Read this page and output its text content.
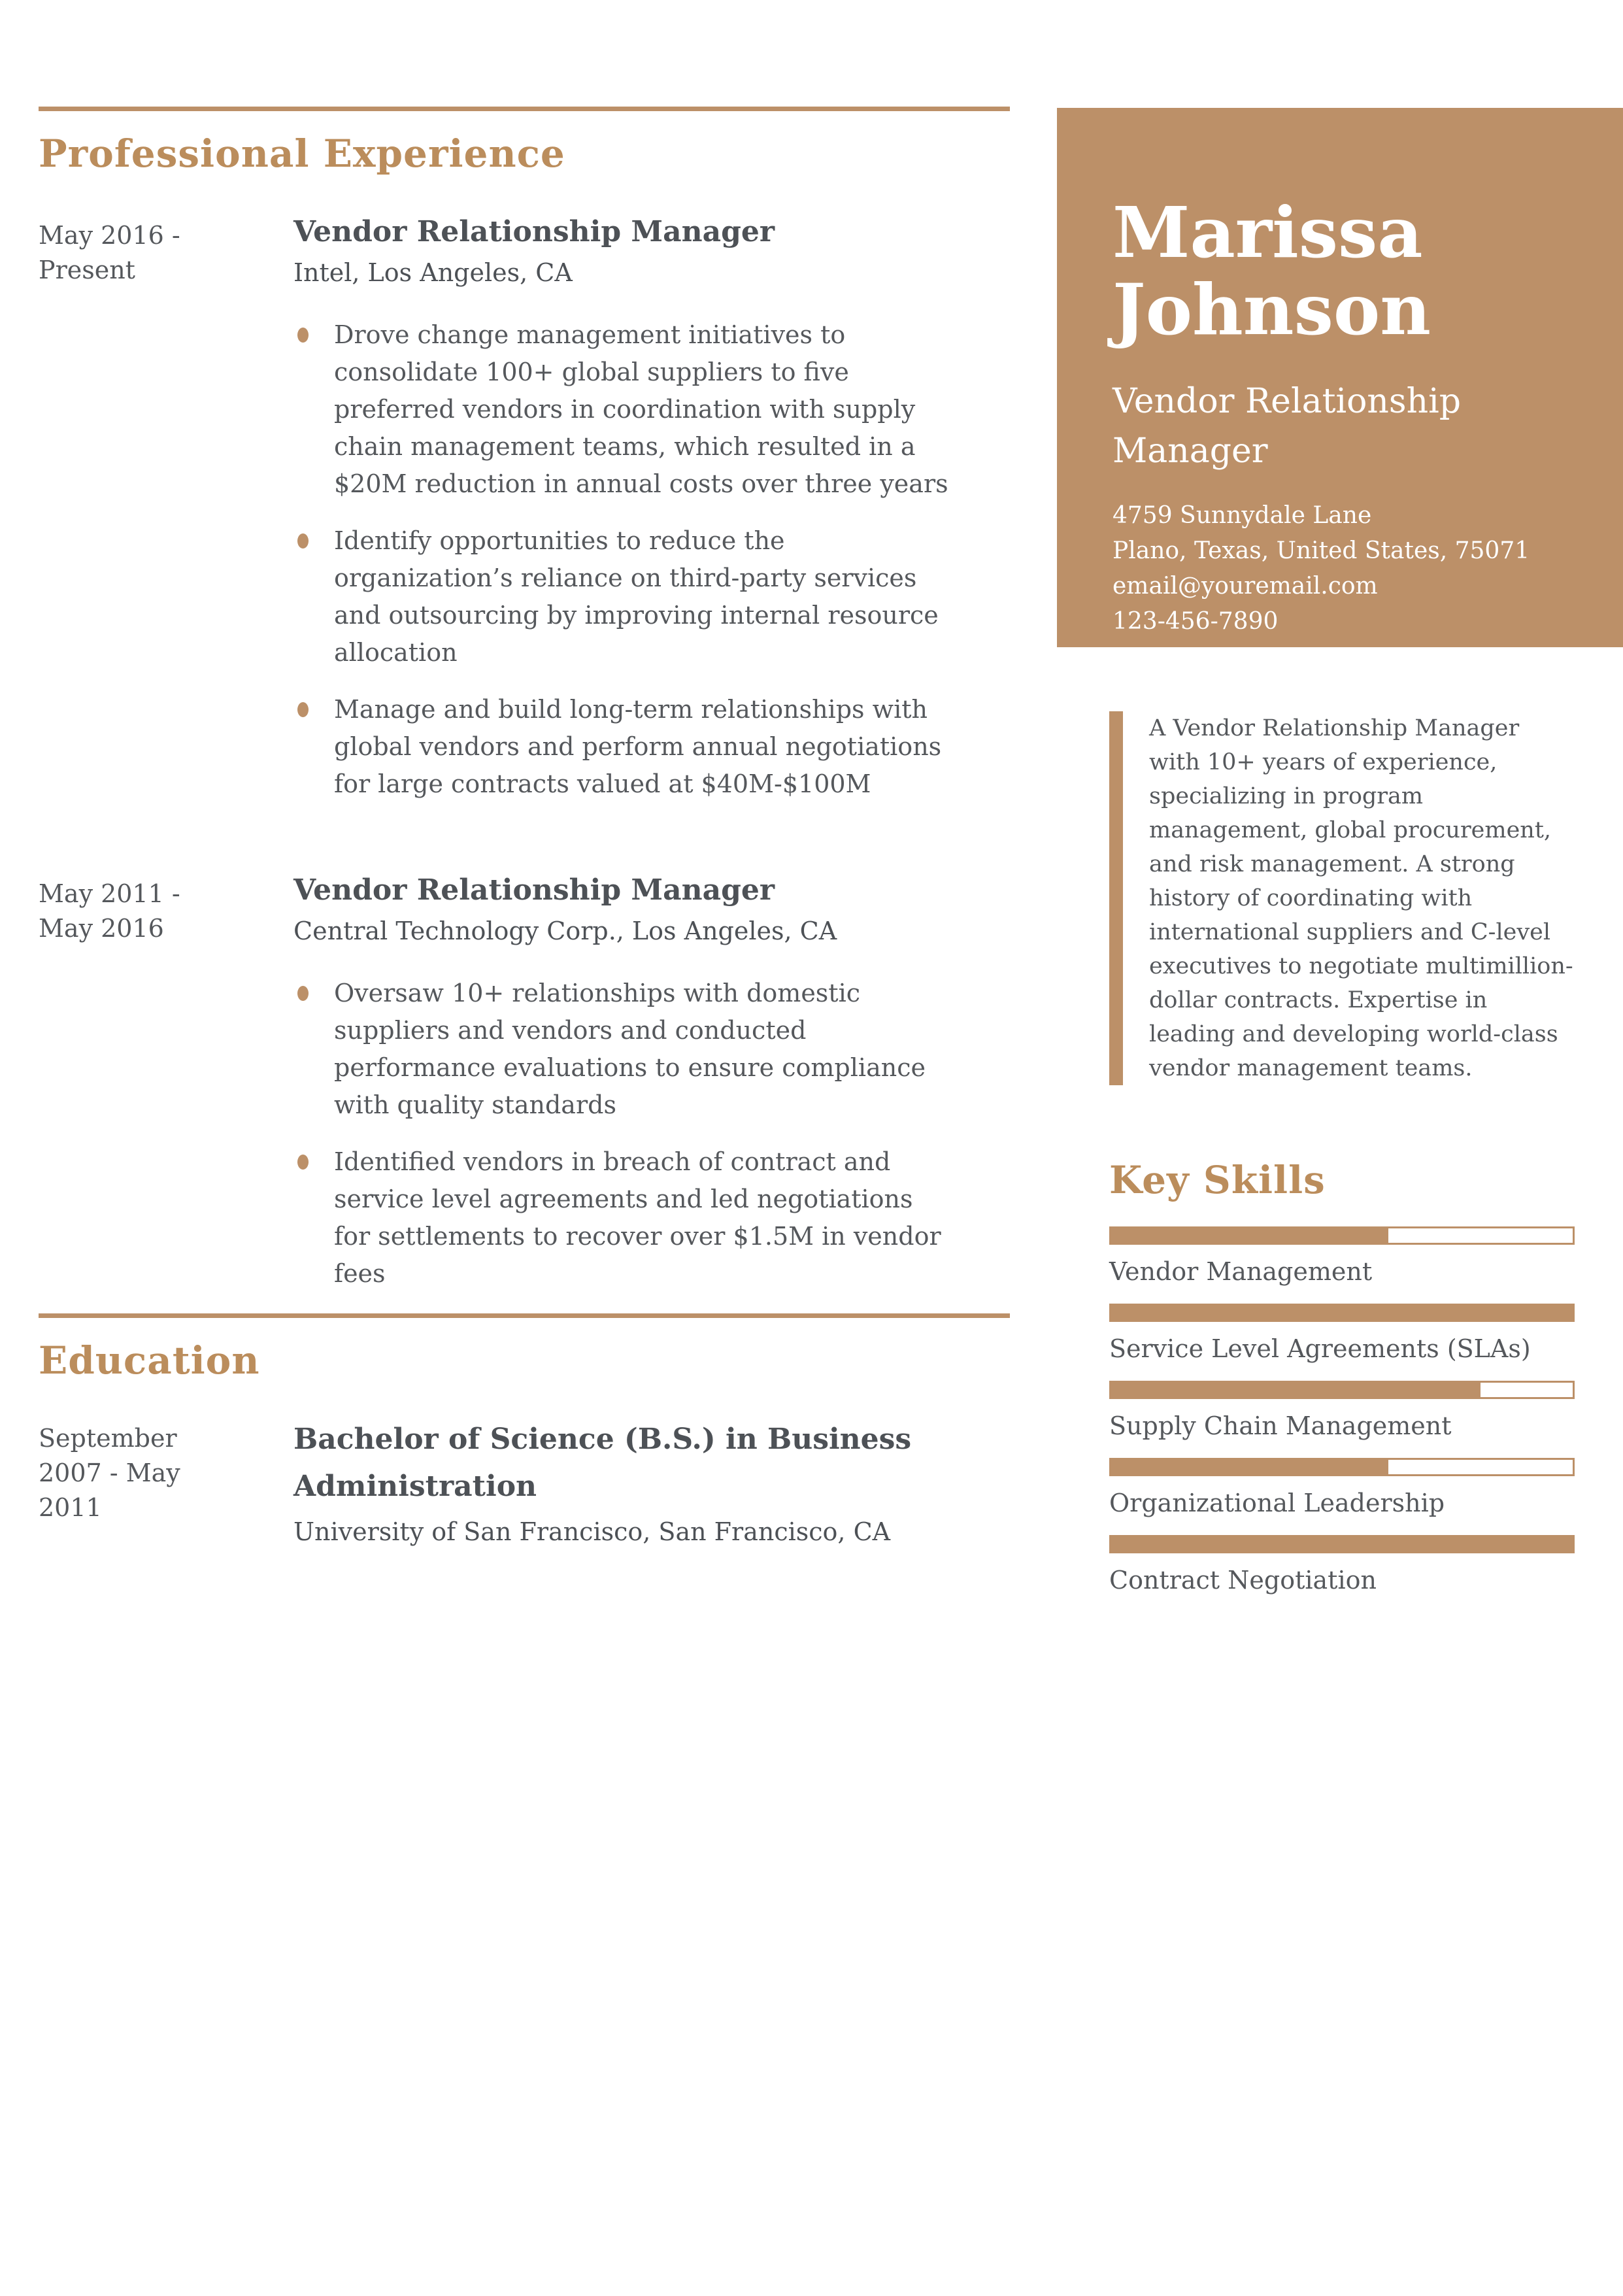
Professional Experience
May 2016 - Present
Vendor Relationship Manager
Intel, Los Angeles, CA
Drove change management initiatives to consolidate 100+ global suppliers to five preferred vendors in coordination with supply chain management teams, which resulted in a $20M reduction in annual costs over three years
Identify opportunities to reduce the organization’s reliance on third-party services and outsourcing by improving internal resource allocation
Manage and build long-term relationships with global vendors and perform annual negotiations for large contracts valued at $40M-$100M
May 2011 - May 2016
Vendor Relationship Manager
Central Technology Corp., Los Angeles, CA
Oversaw 10+ relationships with domestic suppliers and vendors and conducted performance evaluations to ensure compliance with quality standards
Identified vendors in breach of contract and service level agreements and led negotiations for settlements to recover over $1.5M in vendor fees
Education
September 2007 - May 2011
Bachelor of Science (B.S.) in Business Administration
University of San Francisco, San Francisco, CA
Marissa Johnson
Vendor Relationship Manager
4759 Sunnydale Lane
Plano, Texas, United States, 75071
email@youremail.com
123-456-7890
A Vendor Relationship Manager with 10+ years of experience, specializing in program management, global procurement, and risk management. A strong history of coordinating with international suppliers and C-level executives to negotiate multimillion-dollar contracts. Expertise in leading and developing world-class vendor management teams.
Key Skills
Vendor Management
Service Level Agreements (SLAs)
Supply Chain Management
Organizational Leadership
Contract Negotiation
